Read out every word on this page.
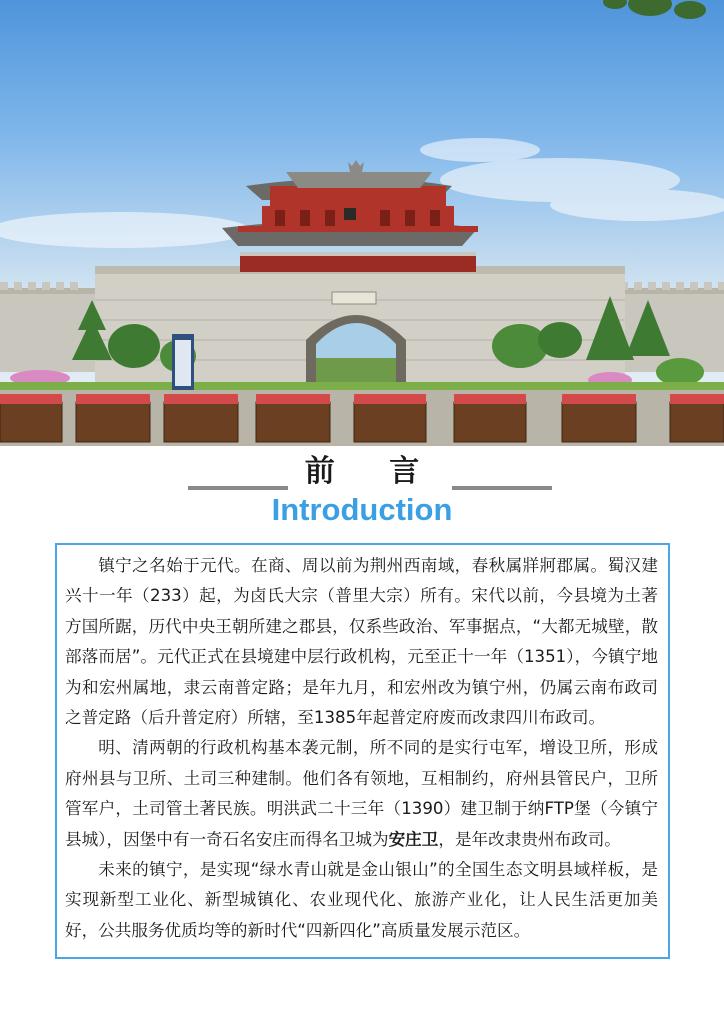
前 言
Introduction

镇宁之名始于元代。在商、周以前为荆州西南域，春秋属牂牁郡属。蜀汉建兴十一年（233）起，为卤氏大宗（普里大宗）所有。宋代以前，今县境为土著方国所踞，历代中央王朝所建之郡县，仅系些政治、军事据点，“大都无城壁，散部落而居”。元代正式在县境建中层行政机构，元至正十一年（1351），今镇宁地为和宏州属地，隶云南普定路；是年九月，和宏州改为镇宁州，仍属云南布政司之普定路（后升普定府）所辖，至1385年起普定府废而改隶四川布政司。

明、清两朝的行政机构基本袭元制，所不同的是实行屯军，增设卫所，形成府州县与卫所、土司三种建制。他们各有领地，互相制约，府州县管民户，卫所管军户，土司管土著民族。明洪武二十三年（1390）建卫制于纳FTP堡（今镇宁县城），因堡中有一奇石名安庄而得名卫城为安庄卫，是年改隶贵州布政司。

未来的镇宁，是实现“绿水青山就是金山银山”的全国生态文明县域样板，是实现新型工业化、新型城镇化、农业现代化、旅游产业化，让人民生活更加美好，公共服务优质均等的新时代“四新四化”高质量发展示范区。
